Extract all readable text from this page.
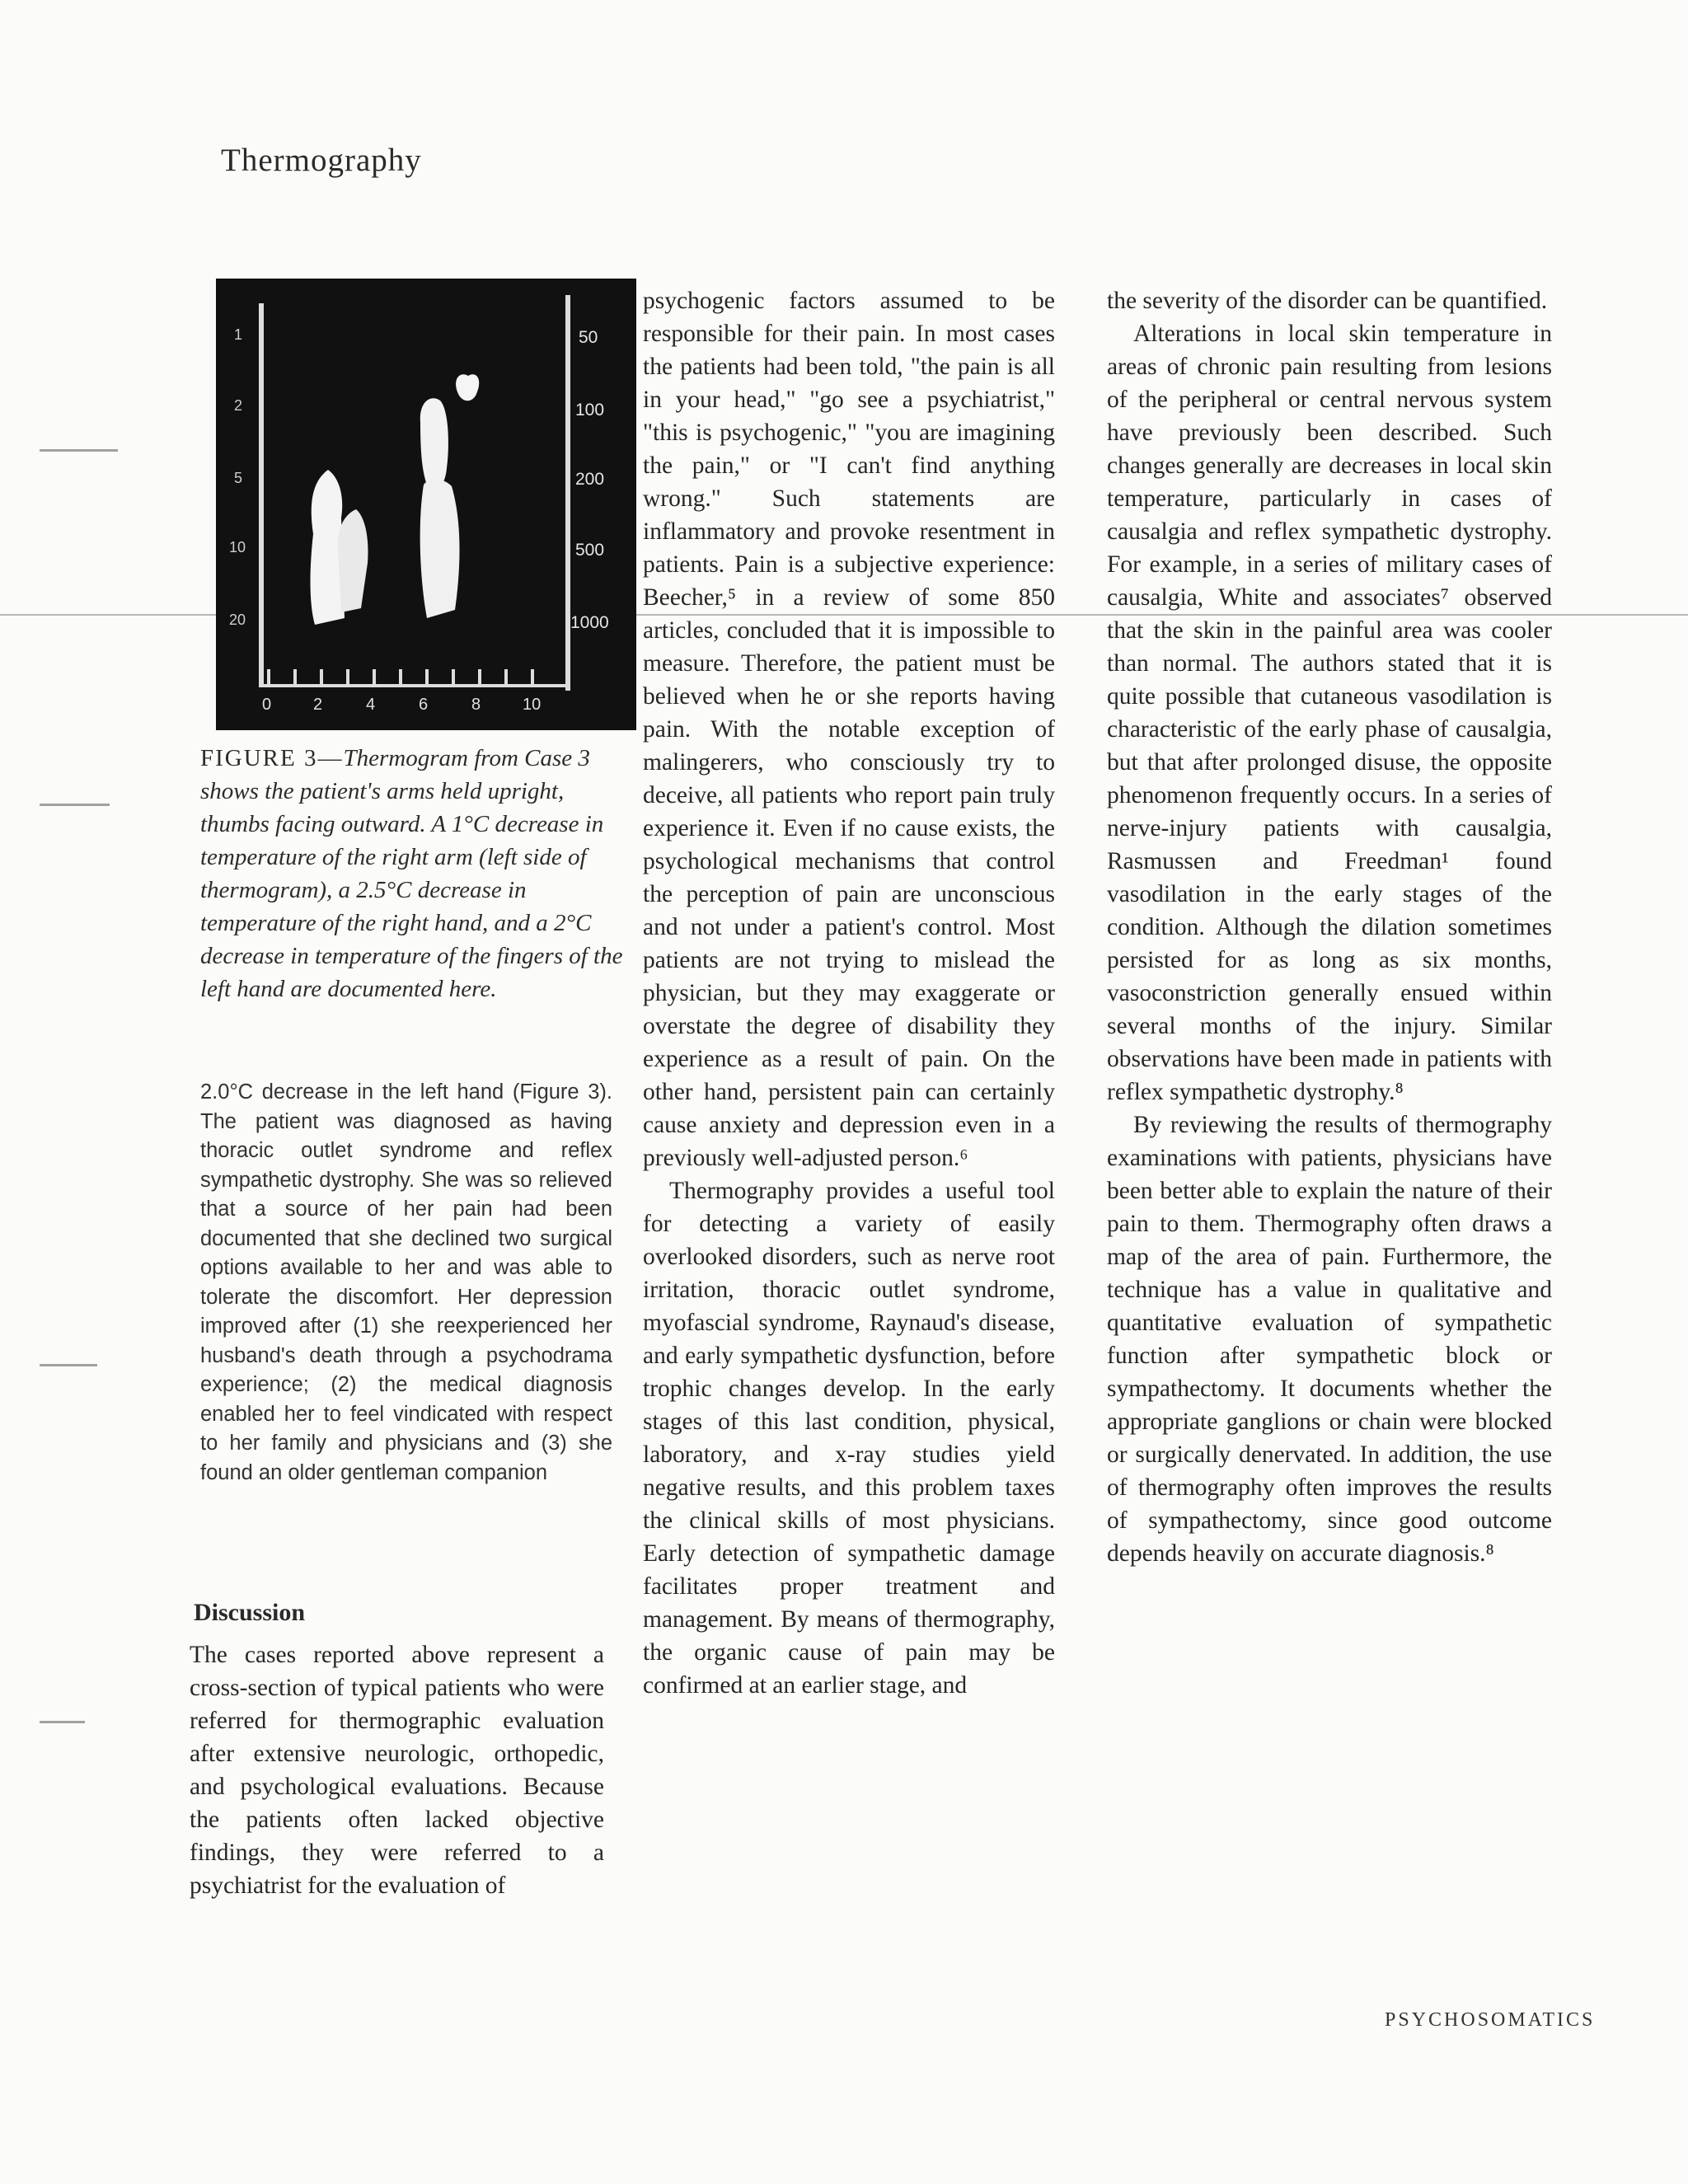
Thermography
1
2
5
10
20
50
100
200
500
1000
0	2	4	6	8	10
FIGURE 3—Thermogram from Case 3 shows the patient's arms held upright, thumbs facing outward. A 1°C decrease in temperature of the right arm (left side of thermogram), a 2.5°C decrease in temperature of the right hand, and a 2°C decrease in temperature of the fingers of the left hand are documented here.

2.0°C decrease in the left hand (Figure 3). The patient was diagnosed as having thoracic outlet syndrome and reflex sympathetic dystrophy. She was so relieved that a source of her pain had been documented that she declined two surgical options available to her and was able to tolerate the discomfort. Her depression improved after (1) she reexperienced her husband's death through a psychodrama experience; (2) the medical diagnosis enabled her to feel vindicated with respect to her family and physicians and (3) she found an older gentleman companion

Discussion

The cases reported above represent a cross-section of typical patients who were referred for thermographic evaluation after extensive neurologic, orthopedic, and psychological evaluations. Because the patients often lacked objective findings, they were referred to a psychiatrist for the evaluation of

psychogenic factors assumed to be responsible for their pain. In most cases the patients had been told, "the pain is all in your head," "go see a psychiatrist," "this is psychogenic," "you are imagining the pain," or "I can't find anything wrong." Such statements are inflammatory and provoke resentment in patients. Pain is a subjective experience: Beecher,⁵ in a review of some 850 articles, concluded that it is impossible to measure. Therefore, the patient must be believed when he or she reports having pain. With the notable exception of malingerers, who consciously try to deceive, all patients who report pain truly experience it. Even if no cause exists, the psychological mechanisms that control the perception of pain are unconscious and not under a patient's control. Most patients are not trying to mislead the physician, but they may exaggerate or overstate the degree of disability they experience as a result of pain. On the other hand, persistent pain can certainly cause anxiety and depression even in a previously well-adjusted person.⁶

Thermography provides a useful tool for detecting a variety of easily overlooked disorders, such as nerve root irritation, thoracic outlet syndrome, myofascial syndrome, Raynaud's disease, and early sympathetic dysfunction, before trophic changes develop. In the early stages of this last condition, physical, laboratory, and x-ray studies yield negative results, and this problem taxes the clinical skills of most physicians. Early detection of sympathetic damage facilitates proper treatment and management. By means of thermography, the organic cause of pain may be confirmed at an earlier stage, and

the severity of the disorder can be quantified.

Alterations in local skin temperature in areas of chronic pain resulting from lesions of the peripheral or central nervous system have previously been described. Such changes generally are decreases in local skin temperature, particularly in cases of causalgia and reflex sympathetic dystrophy. For example, in a series of military cases of causalgia, White and associates⁷ observed that the skin in the painful area was cooler than normal. The authors stated that it is quite possible that cutaneous vasodilation is characteristic of the early phase of causalgia, but that after prolonged disuse, the opposite phenomenon frequently occurs. In a series of nerve-injury patients with causalgia, Rasmussen and Freedman¹ found vasodilation in the early stages of the condition. Although the dilation sometimes persisted for as long as six months, vasoconstriction generally ensued within several months of the injury. Similar observations have been made in patients with reflex sympathetic dystrophy.⁸

By reviewing the results of thermography examinations with patients, physicians have been better able to explain the nature of their pain to them. Thermography often draws a map of the area of pain. Furthermore, the technique has a value in qualitative and quantitative evaluation of sympathetic function after sympathetic block or sympathectomy. It documents whether the appropriate ganglions or chain were blocked or surgically denervated. In addition, the use of thermography often improves the results of sympathectomy, since good outcome depends heavily on accurate diagnosis.⁸

PSYCHOSOMATICS
